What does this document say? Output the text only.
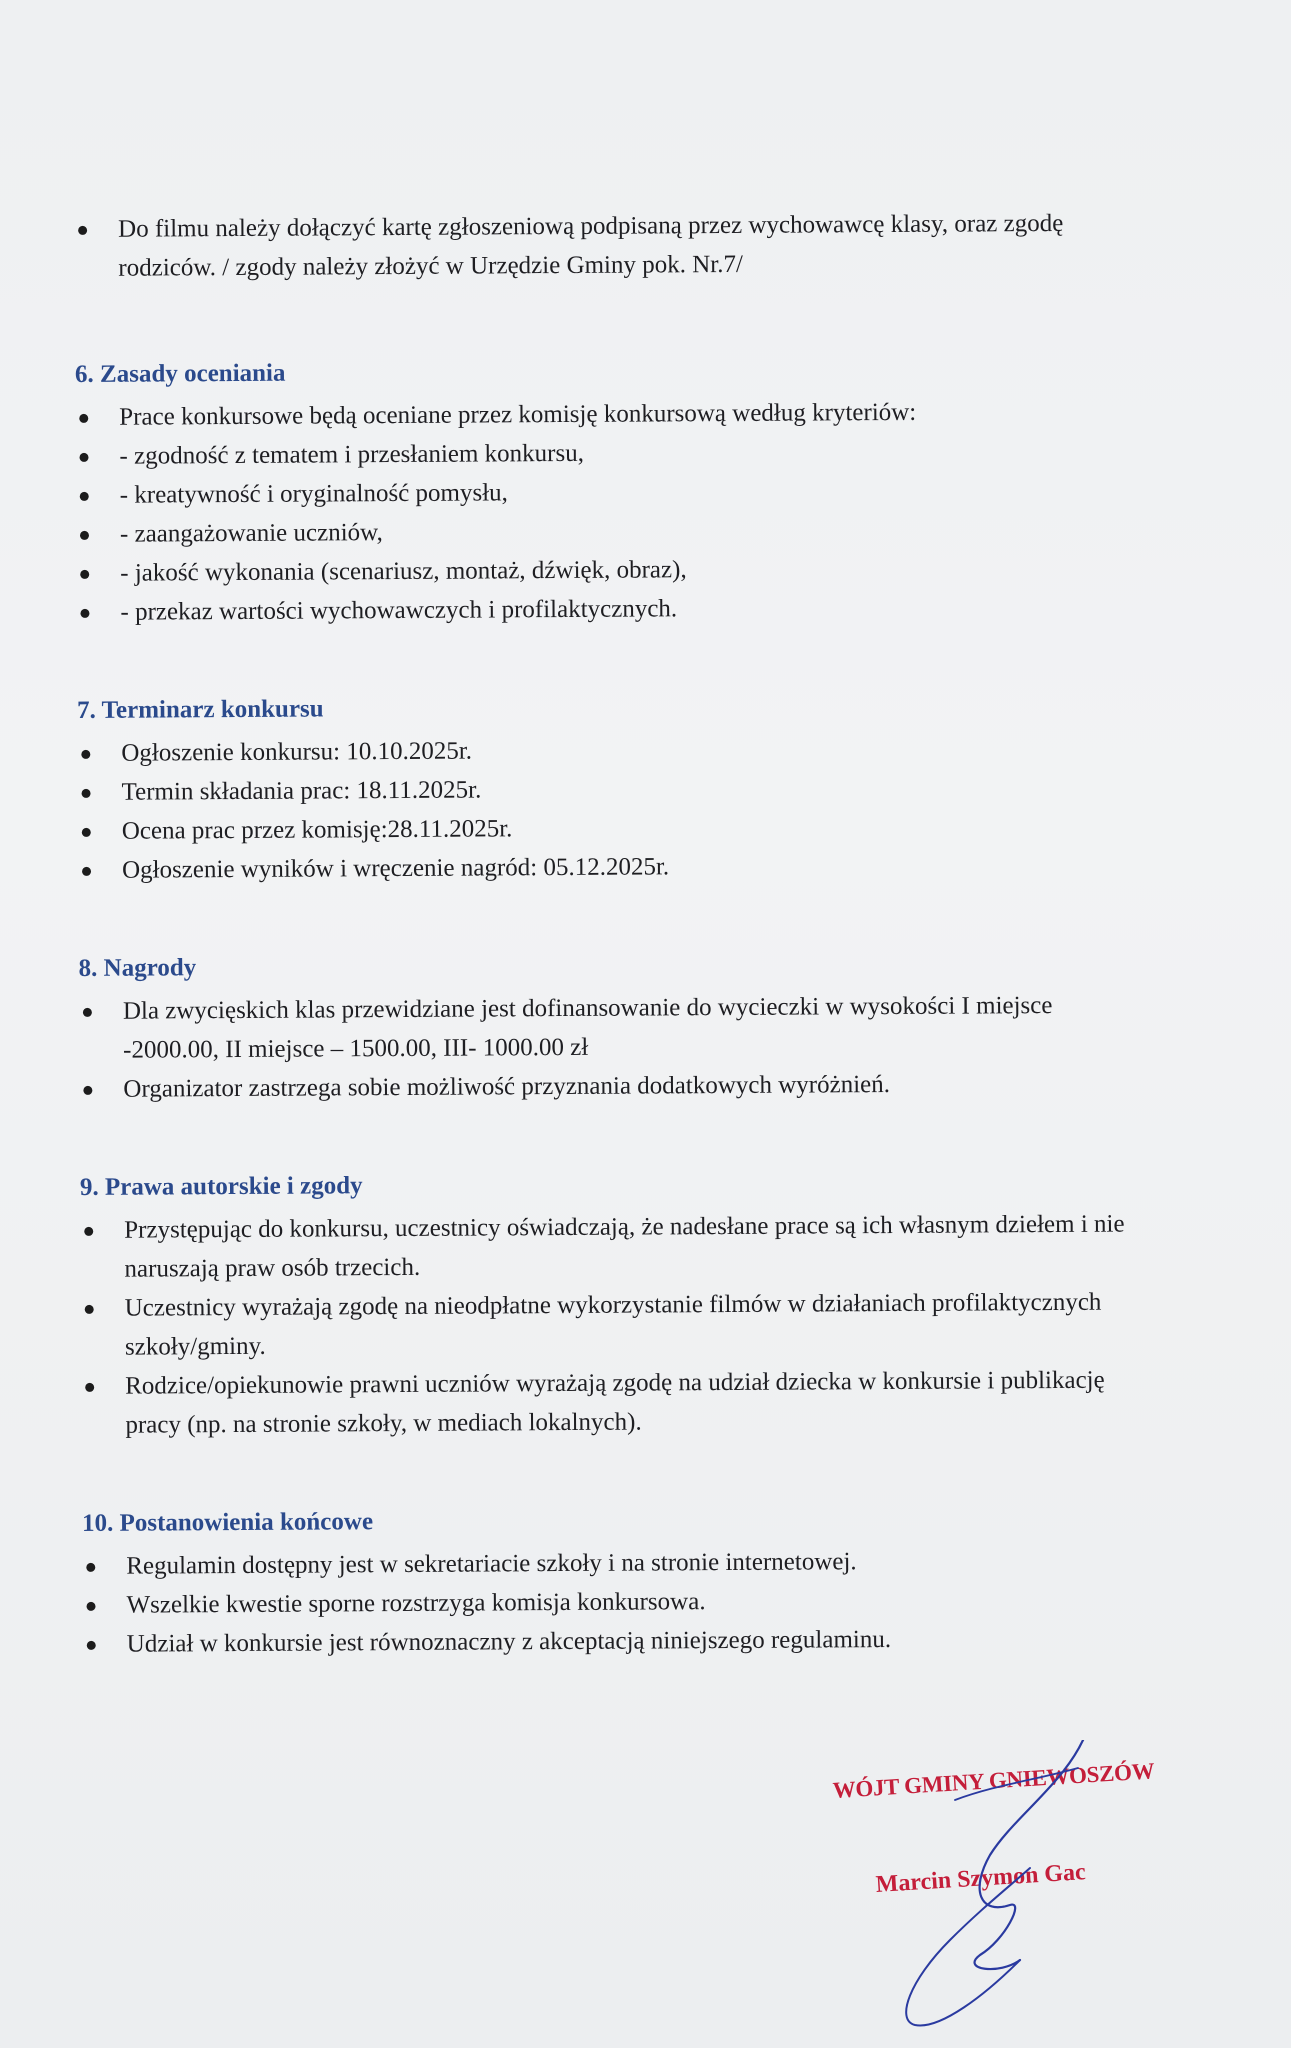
Do filmu należy dołączyć kartę zgłoszeniową podpisaną przez wychowawcę klasy, oraz zgodę rodziców. / zgody należy złożyć w Urzędzie Gminy pok. Nr.7/
6. Zasady oceniania
Prace konkursowe będą oceniane przez komisję konkursową według kryteriów:
- zgodność z tematem i przesłaniem konkursu,
- kreatywność i oryginalność pomysłu,
- zaangażowanie uczniów,
- jakość wykonania (scenariusz, montaż, dźwięk, obraz),
- przekaz wartości wychowawczych i profilaktycznych.
7. Terminarz konkursu
Ogłoszenie konkursu: 10.10.2025r.
Termin składania prac: 18.11.2025r.
Ocena prac przez komisję:28.11.2025r.
Ogłoszenie wyników i wręczenie nagród: 05.12.2025r.
8. Nagrody
Dla zwycięskich klas przewidziane jest dofinansowanie do wycieczki w wysokości I miejsce -2000.00, II miejsce – 1500.00, III- 1000.00 zł
Organizator zastrzega sobie możliwość przyznania dodatkowych wyróżnień.
9. Prawa autorskie i zgody
Przystępując do konkursu, uczestnicy oświadczają, że nadesłane prace są ich własnym dziełem i nie naruszają praw osób trzecich.
Uczestnicy wyrażają zgodę na nieodpłatne wykorzystanie filmów w działaniach profilaktycznych szkoły/gminy.
Rodzice/opiekunowie prawni uczniów wyrażają zgodę na udział dziecka w konkursie i publikację pracy (np. na stronie szkoły, w mediach lokalnych).
10. Postanowienia końcowe
Regulamin dostępny jest w sekretariacie szkoły i na stronie internetowej.
Wszelkie kwestie sporne rozstrzyga komisja konkursowa.
Udział w konkursie jest równoznaczny z akceptacją niniejszego regulaminu.
WÓJT GMINY GNIEWOSZÓW
Marcin Szymon Gac
